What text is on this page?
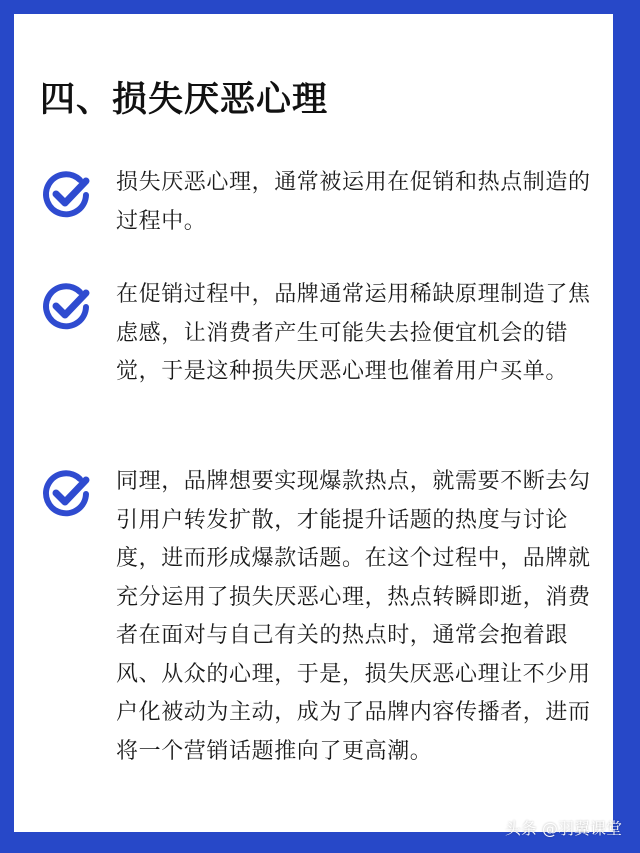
四、损失厌恶心理

损失厌恶心理，通常被运用在促销和热点制造的过程中。

在促销过程中，品牌通常运用稀缺原理制造了焦虑感，让消费者产生可能失去捡便宜机会的错觉，于是这种损失厌恶心理也催着用户买单。

同理，品牌想要实现爆款热点，就需要不断去勾引用户转发扩散，才能提升话题的热度与讨论度，进而形成爆款话题。在这个过程中，品牌就充分运用了损失厌恶心理，热点转瞬即逝，消费者在面对与自己有关的热点时，通常会抱着跟风、从众的心理，于是，损失厌恶心理让不少用户化被动为主动，成为了品牌内容传播者，进而将一个营销话题推向了更高潮。

头条 @羽翼课堂
